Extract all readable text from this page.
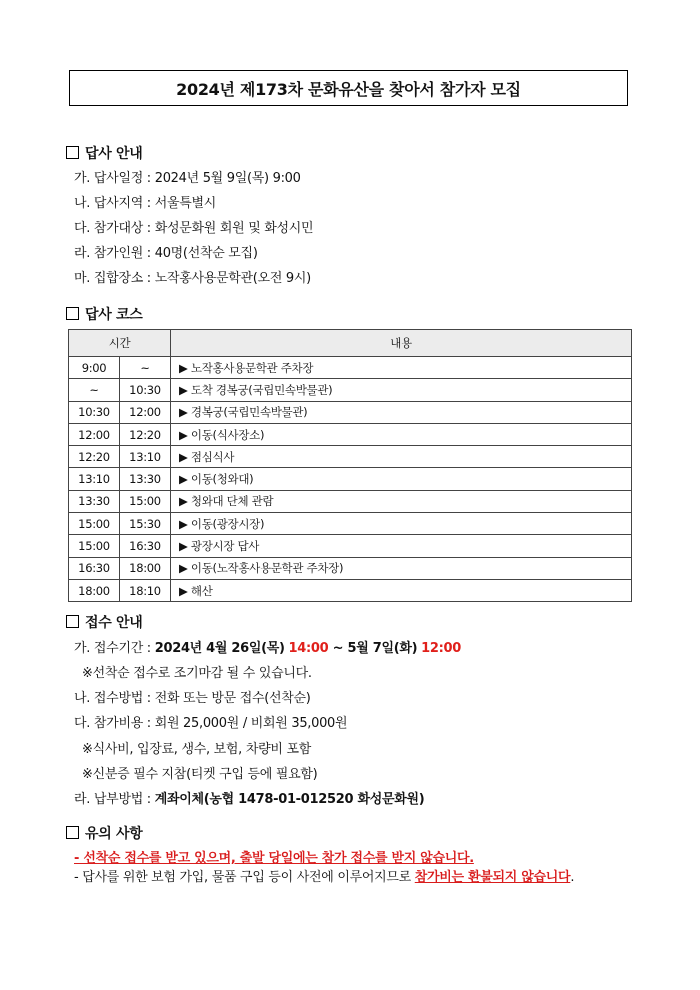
2024년 제173차 문화유산을 찾아서 참가자 모집
답사 안내
가. 답사일정 : 2024년 5월 9일(목) 9:00
나. 답사지역 : 서울특별시
다. 참가대상 : 화성문화원 회원 및 화성시민
라. 참가인원 : 40명(선착순 모집)
마. 집합장소 : 노작홍사용문학관(오전 9시)
답사 코스
시간		내용
9:00	~	▶ 노작홍사용문학관 주차장
~	10:30	▶ 도착 경복궁(국립민속박물관)
10:30	12:00	▶ 경복궁(국립민속박물관)
12:00	12:20	▶ 이동(식사장소)
12:20	13:10	▶ 점심식사
13:10	13:30	▶ 이동(청와대)
13:30	15:00	▶ 청와대 단체 관람
15:00	15:30	▶ 이동(광장시장)
15:00	16:30	▶ 광장시장 답사
16:30	18:00	▶ 이동(노작홍사용문학관 주차장)
18:00	18:10	▶ 해산
접수 안내
가. 접수기간 : 2024년 4월 26일(목) 14:00 ~ 5월 7일(화) 12:00
※선착순 접수로 조기마감 될 수 있습니다.
나. 접수방법 : 전화 또는 방문 접수(선착순)
다. 참가비용 : 회원 25,000원 / 비회원 35,000원
※식사비, 입장료, 생수, 보험, 차량비 포함
※신분증 필수 지참(티켓 구입 등에 필요함)
라. 납부방법 : 계좌이체(농협 1478-01-012520 화성문화원)
유의 사항
- 선착순 접수를 받고 있으며, 출발 당일에는 참가 접수를 받지 않습니다.
- 답사를 위한 보험 가입, 물품 구입 등이 사전에 이루어지므로 참가비는 환불되지 않습니다.
